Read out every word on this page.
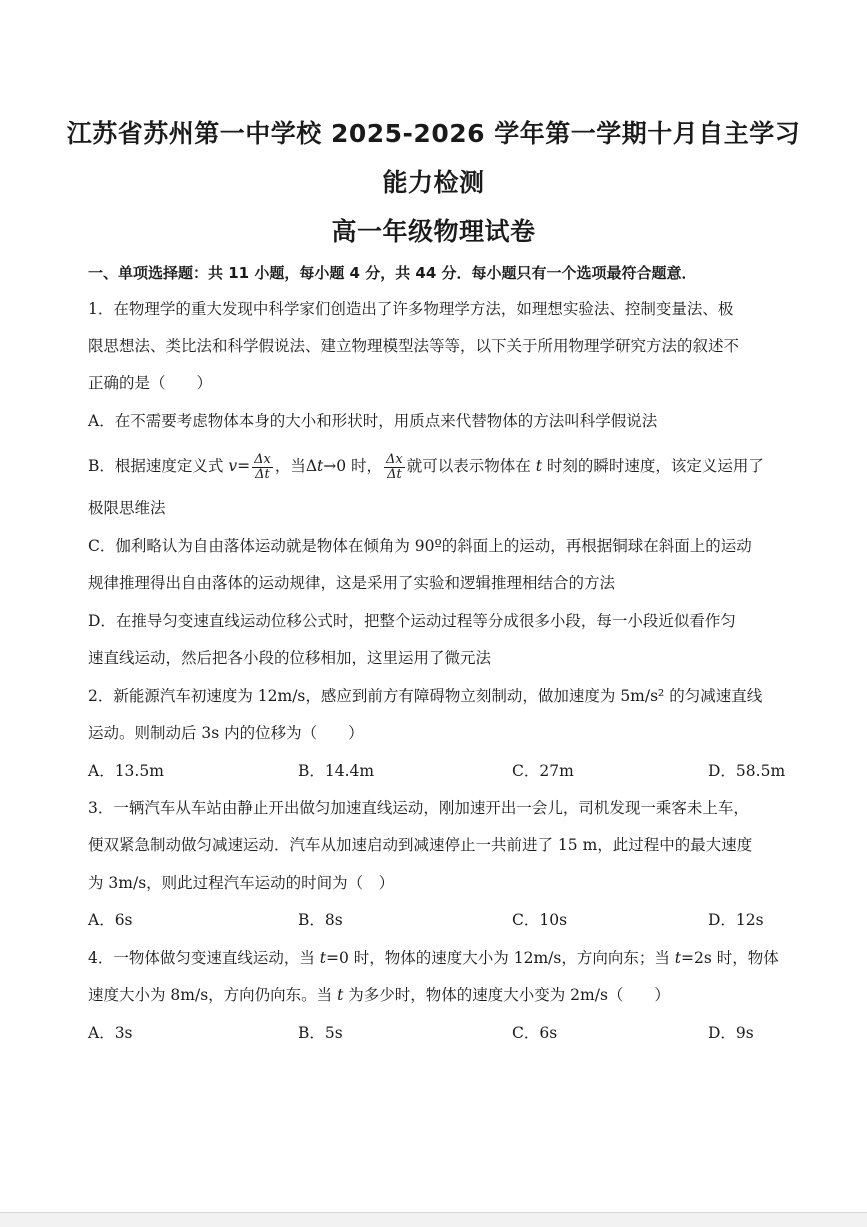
江苏省苏州第一中学校 2025-2026 学年第一学期十月自主学习
能力检测
高一年级物理试卷
一、单项选择题：共 11 小题，每小题 4 分，共 44 分．每小题只有一个选项最符合题意．
1．在物理学的重大发现中科学家们创造出了许多物理学方法，如理想实验法、控制变量法、极
限思想法、类比法和科学假说法、建立物理模型法等等，以下关于所用物理学研究方法的叙述不
正确的是（　　）
A．在不需要考虑物体本身的大小和形状时，用质点来代替物体的方法叫科学假说法
B．根据速度定义式 $v= \frac{\Delta x}{\Delta t}$ ，当Δt→0 时， $\frac{\Delta x}{\Delta t}$ 就可以表示物体在 t 时刻的瞬时速度，该定义运用了
极限思维法
C．伽利略认为自由落体运动就是物体在倾角为 90º的斜面上的运动，再根据铜球在斜面上的运动
规律推理得出自由落体的运动规律，这是采用了实验和逻辑推理相结合的方法
D．在推导匀变速直线运动位移公式时，把整个运动过程等分成很多小段，每一小段近似看作匀
速直线运动，然后把各小段的位移相加，这里运用了微元法
2．新能源汽车初速度为 12m/s，感应到前方有障碍物立刻制动，做加速度为 5m/s² 的匀减速直线
运动。则制动后 3s 内的位移为（　　）
A．13.5m	B．14.4m	C．27m	D．58.5m
3．一辆汽车从车站由静止开出做匀加速直线运动，刚加速开出一会儿，司机发现一乘客未上车，
便双紧急制动做匀减速运动．汽车从加速启动到减速停止一共前进了 15 m，此过程中的最大速度
为 3m/s，则此过程汽车运动的时间为（　）
A．6s	B．8s	C．10s	D．12s
4．一物体做匀变速直线运动，当 t=0 时，物体的速度大小为 12m/s，方向向东；当 t=2s 时，物体
速度大小为 8m/s，方向仍向东。当 t 为多少时，物体的速度大小变为 2m/s（　　）
A．3s	B．5s	C．6s	D．9s
